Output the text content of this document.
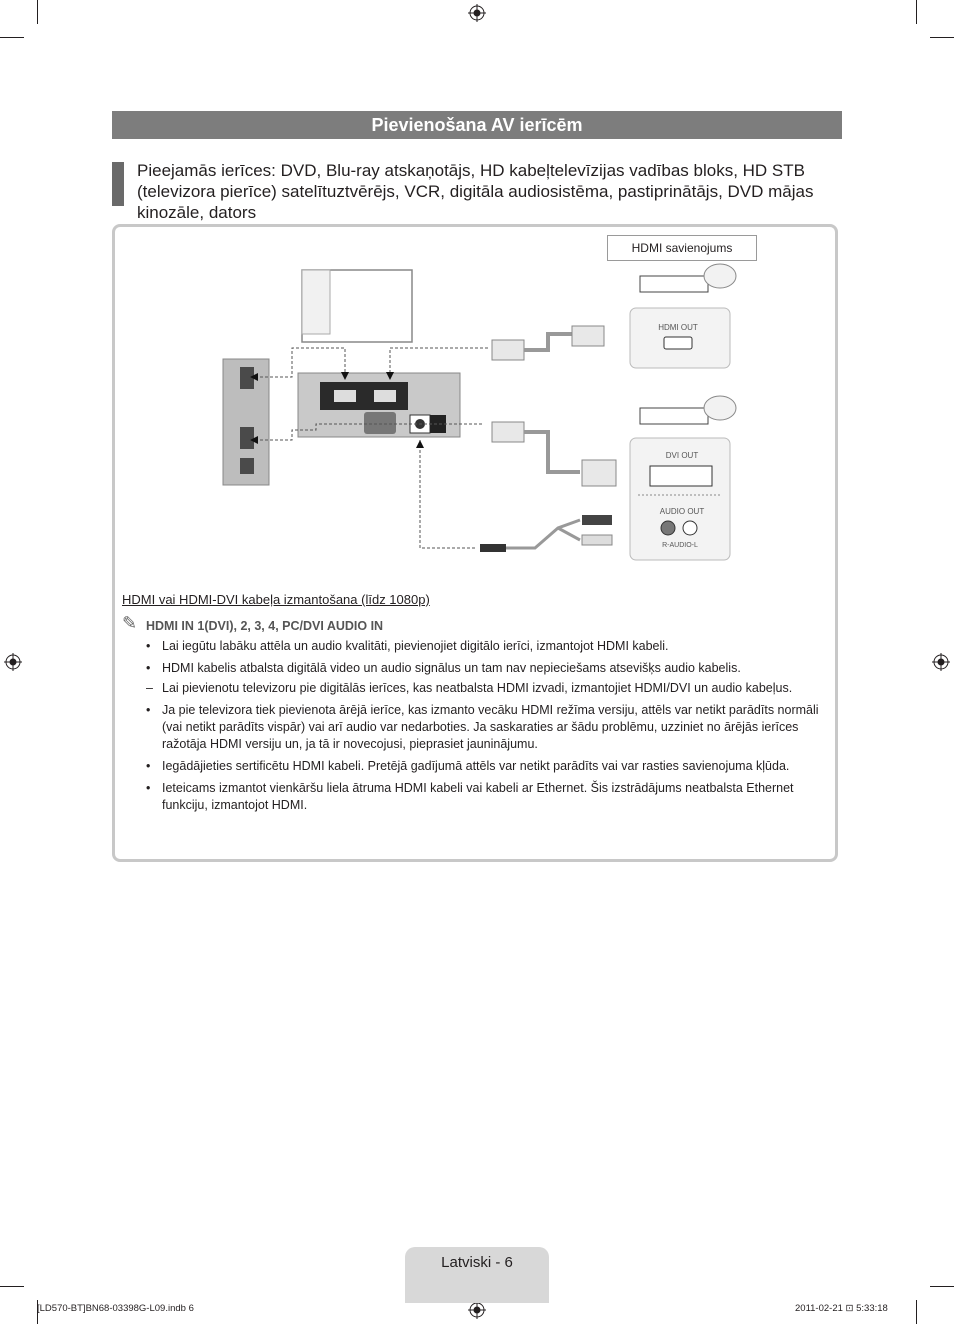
Pievienošana AV ierīcēm
Pieejamās ierīces: DVD, Blu-ray atskaņotājs, HD kabeļtelevīzijas vadības bloks, HD STB (televizora pierīce) satelītuztvērējs, VCR, digitāla audiosistēma, pastiprinātājs, DVD mājas kinozāle, dators
HDMI savienojums
HDMI OUT
DVI OUT
AUDIO OUT
R-AUDIO-L
HDMI vai HDMI-DVI kabeļa izmantošana (līdz 1080p)
✎ HDMI IN 1(DVI), 2, 3, 4, PC/DVI AUDIO IN
• Lai iegūtu labāku attēla un audio kvalitāti, pievienojiet digitālo ierīci, izmantojot HDMI kabeli.
• HDMI kabelis atbalsta digitālā video un audio signālus un tam nav nepieciešams atsevišķs audio kabelis.
– Lai pievienotu televizoru pie digitālās ierīces, kas neatbalsta HDMI izvadi, izmantojiet HDMI/DVI un audio kabeļus.
• Ja pie televizora tiek pievienota ārējā ierīce, kas izmanto vecāku HDMI režīma versiju, attēls var netikt parādīts normāli (vai netikt parādīts vispār) vai arī audio var nedarboties. Ja saskaraties ar šādu problēmu, uzziniet no ārējās ierīces ražotāja HDMI versiju un, ja tā ir novecojusi, pieprasiet jauninājumu.
• Iegādājieties sertificētu HDMI kabeli. Pretējā gadījumā attēls var netikt parādīts vai var rasties savienojuma kļūda.
• Ieteicams izmantot vienkāršu liela ātruma HDMI kabeli vai kabeli ar Ethernet. Šis izstrādājums neatbalsta Ethernet funkciju, izmantojot HDMI.
Latviski - 6
[LD570-BT]BN68-03398G-L09.indb 6	2011-02-21 ⊡ 5:33:18
